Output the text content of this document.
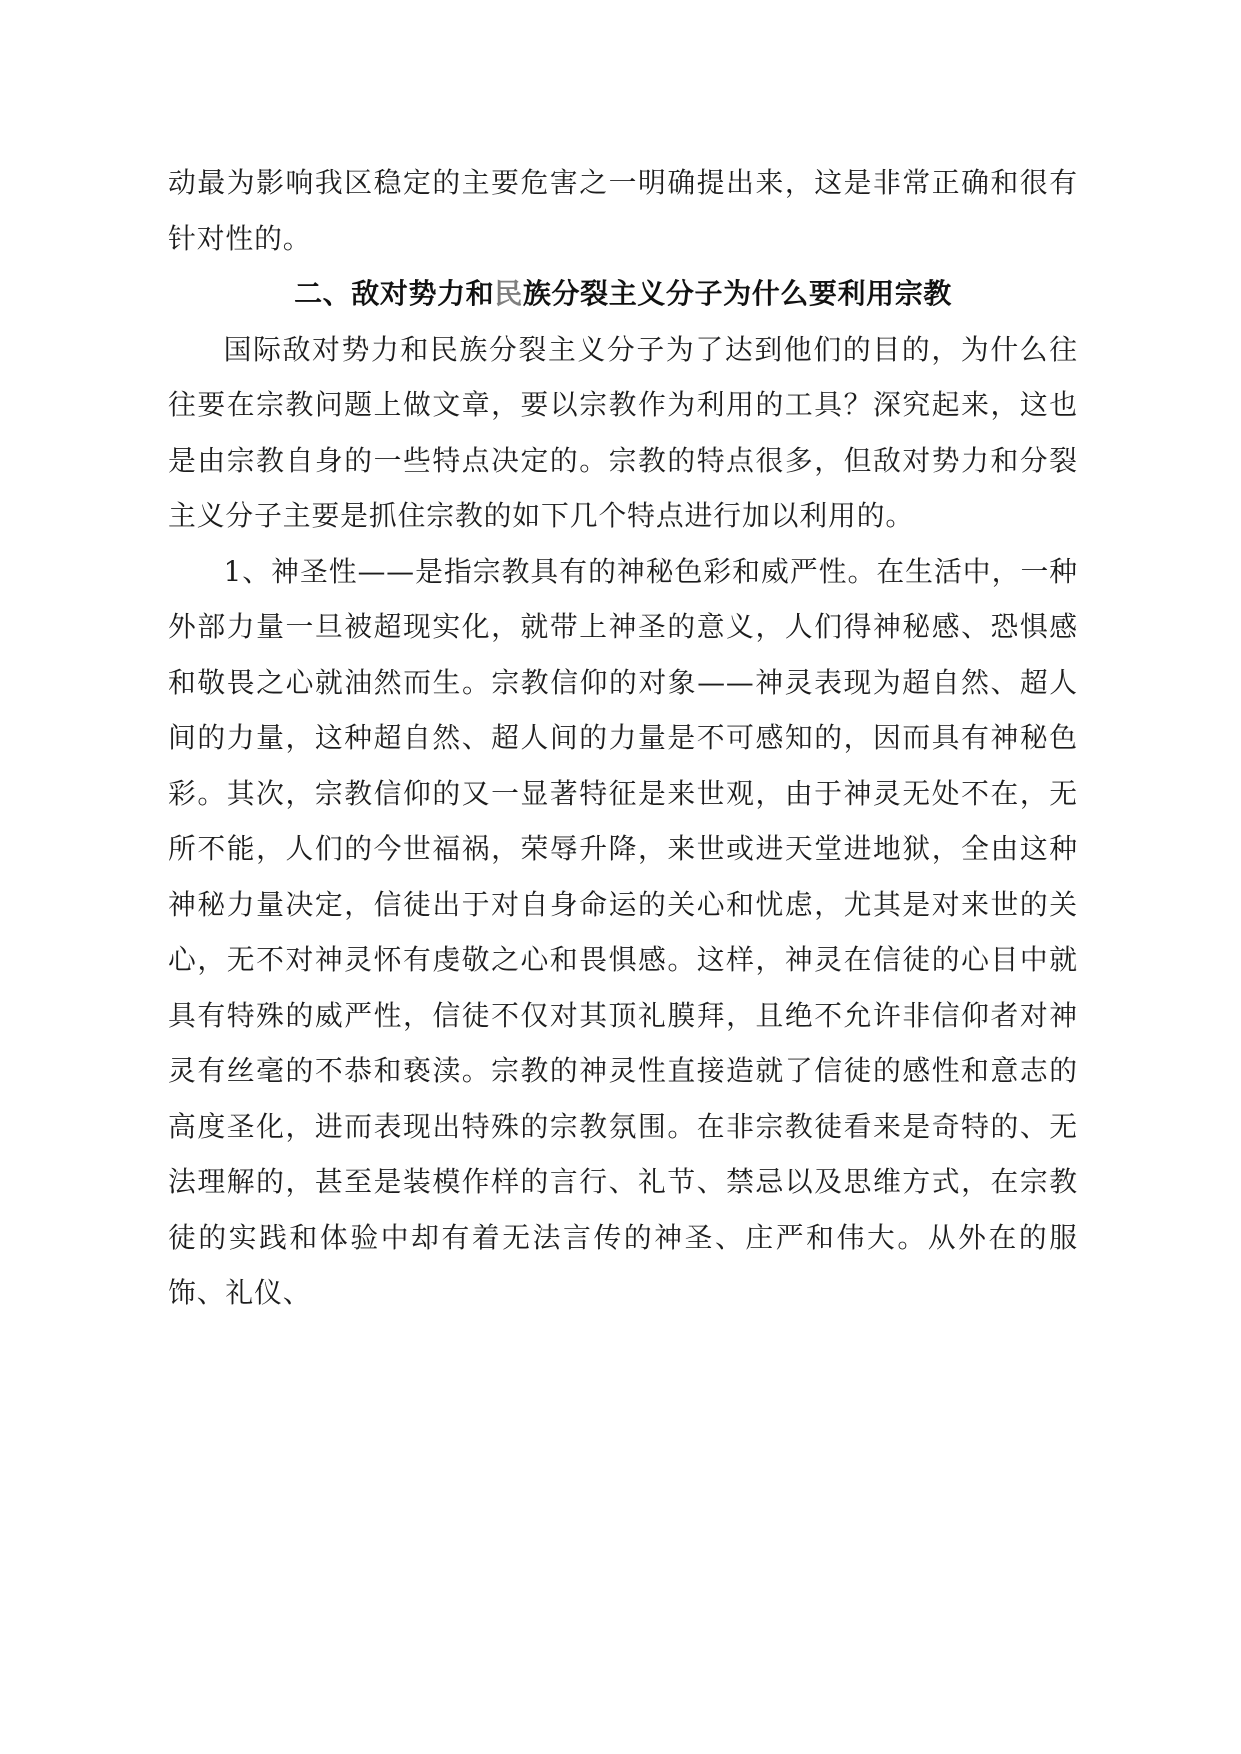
动最为影响我区稳定的主要危害之一明确提出来，这是非常正确和很有针对性的。

二、敌对势力和民族分裂主义分子为什么要利用宗教

国际敌对势力和民族分裂主义分子为了达到他们的目的，为什么往往要在宗教问题上做文章，要以宗教作为利用的工具？深究起来，这也是由宗教自身的一些特点决定的。宗教的特点很多，但敌对势力和分裂主义分子主要是抓住宗教的如下几个特点进行加以利用的。

1、神圣性——是指宗教具有的神秘色彩和威严性。在生活中，一种外部力量一旦被超现实化，就带上神圣的意义，人们得神秘感、恐惧感和敬畏之心就油然而生。宗教信仰的对象——神灵表现为超自然、超人间的力量，这种超自然、超人间的力量是不可感知的，因而具有神秘色彩。其次，宗教信仰的又一显著特征是来世观，由于神灵无处不在，无所不能，人们的今世福祸，荣辱升降，来世或进天堂进地狱，全由这种神秘力量决定，信徒出于对自身命运的关心和忧虑，尤其是对来世的关心，无不对神灵怀有虔敬之心和畏惧感。这样，神灵在信徒的心目中就具有特殊的威严性，信徒不仅对其顶礼膜拜，且绝不允许非信仰者对神灵有丝毫的不恭和亵渎。宗教的神灵性直接造就了信徒的感性和意志的高度圣化，进而表现出特殊的宗教氛围。在非宗教徒看来是奇特的、无法理解的，甚至是装模作样的言行、礼节、禁忌以及思维方式，在宗教徒的实践和体验中却有着无法言传的神圣、庄严和伟大。从外在的服饰、礼仪、
